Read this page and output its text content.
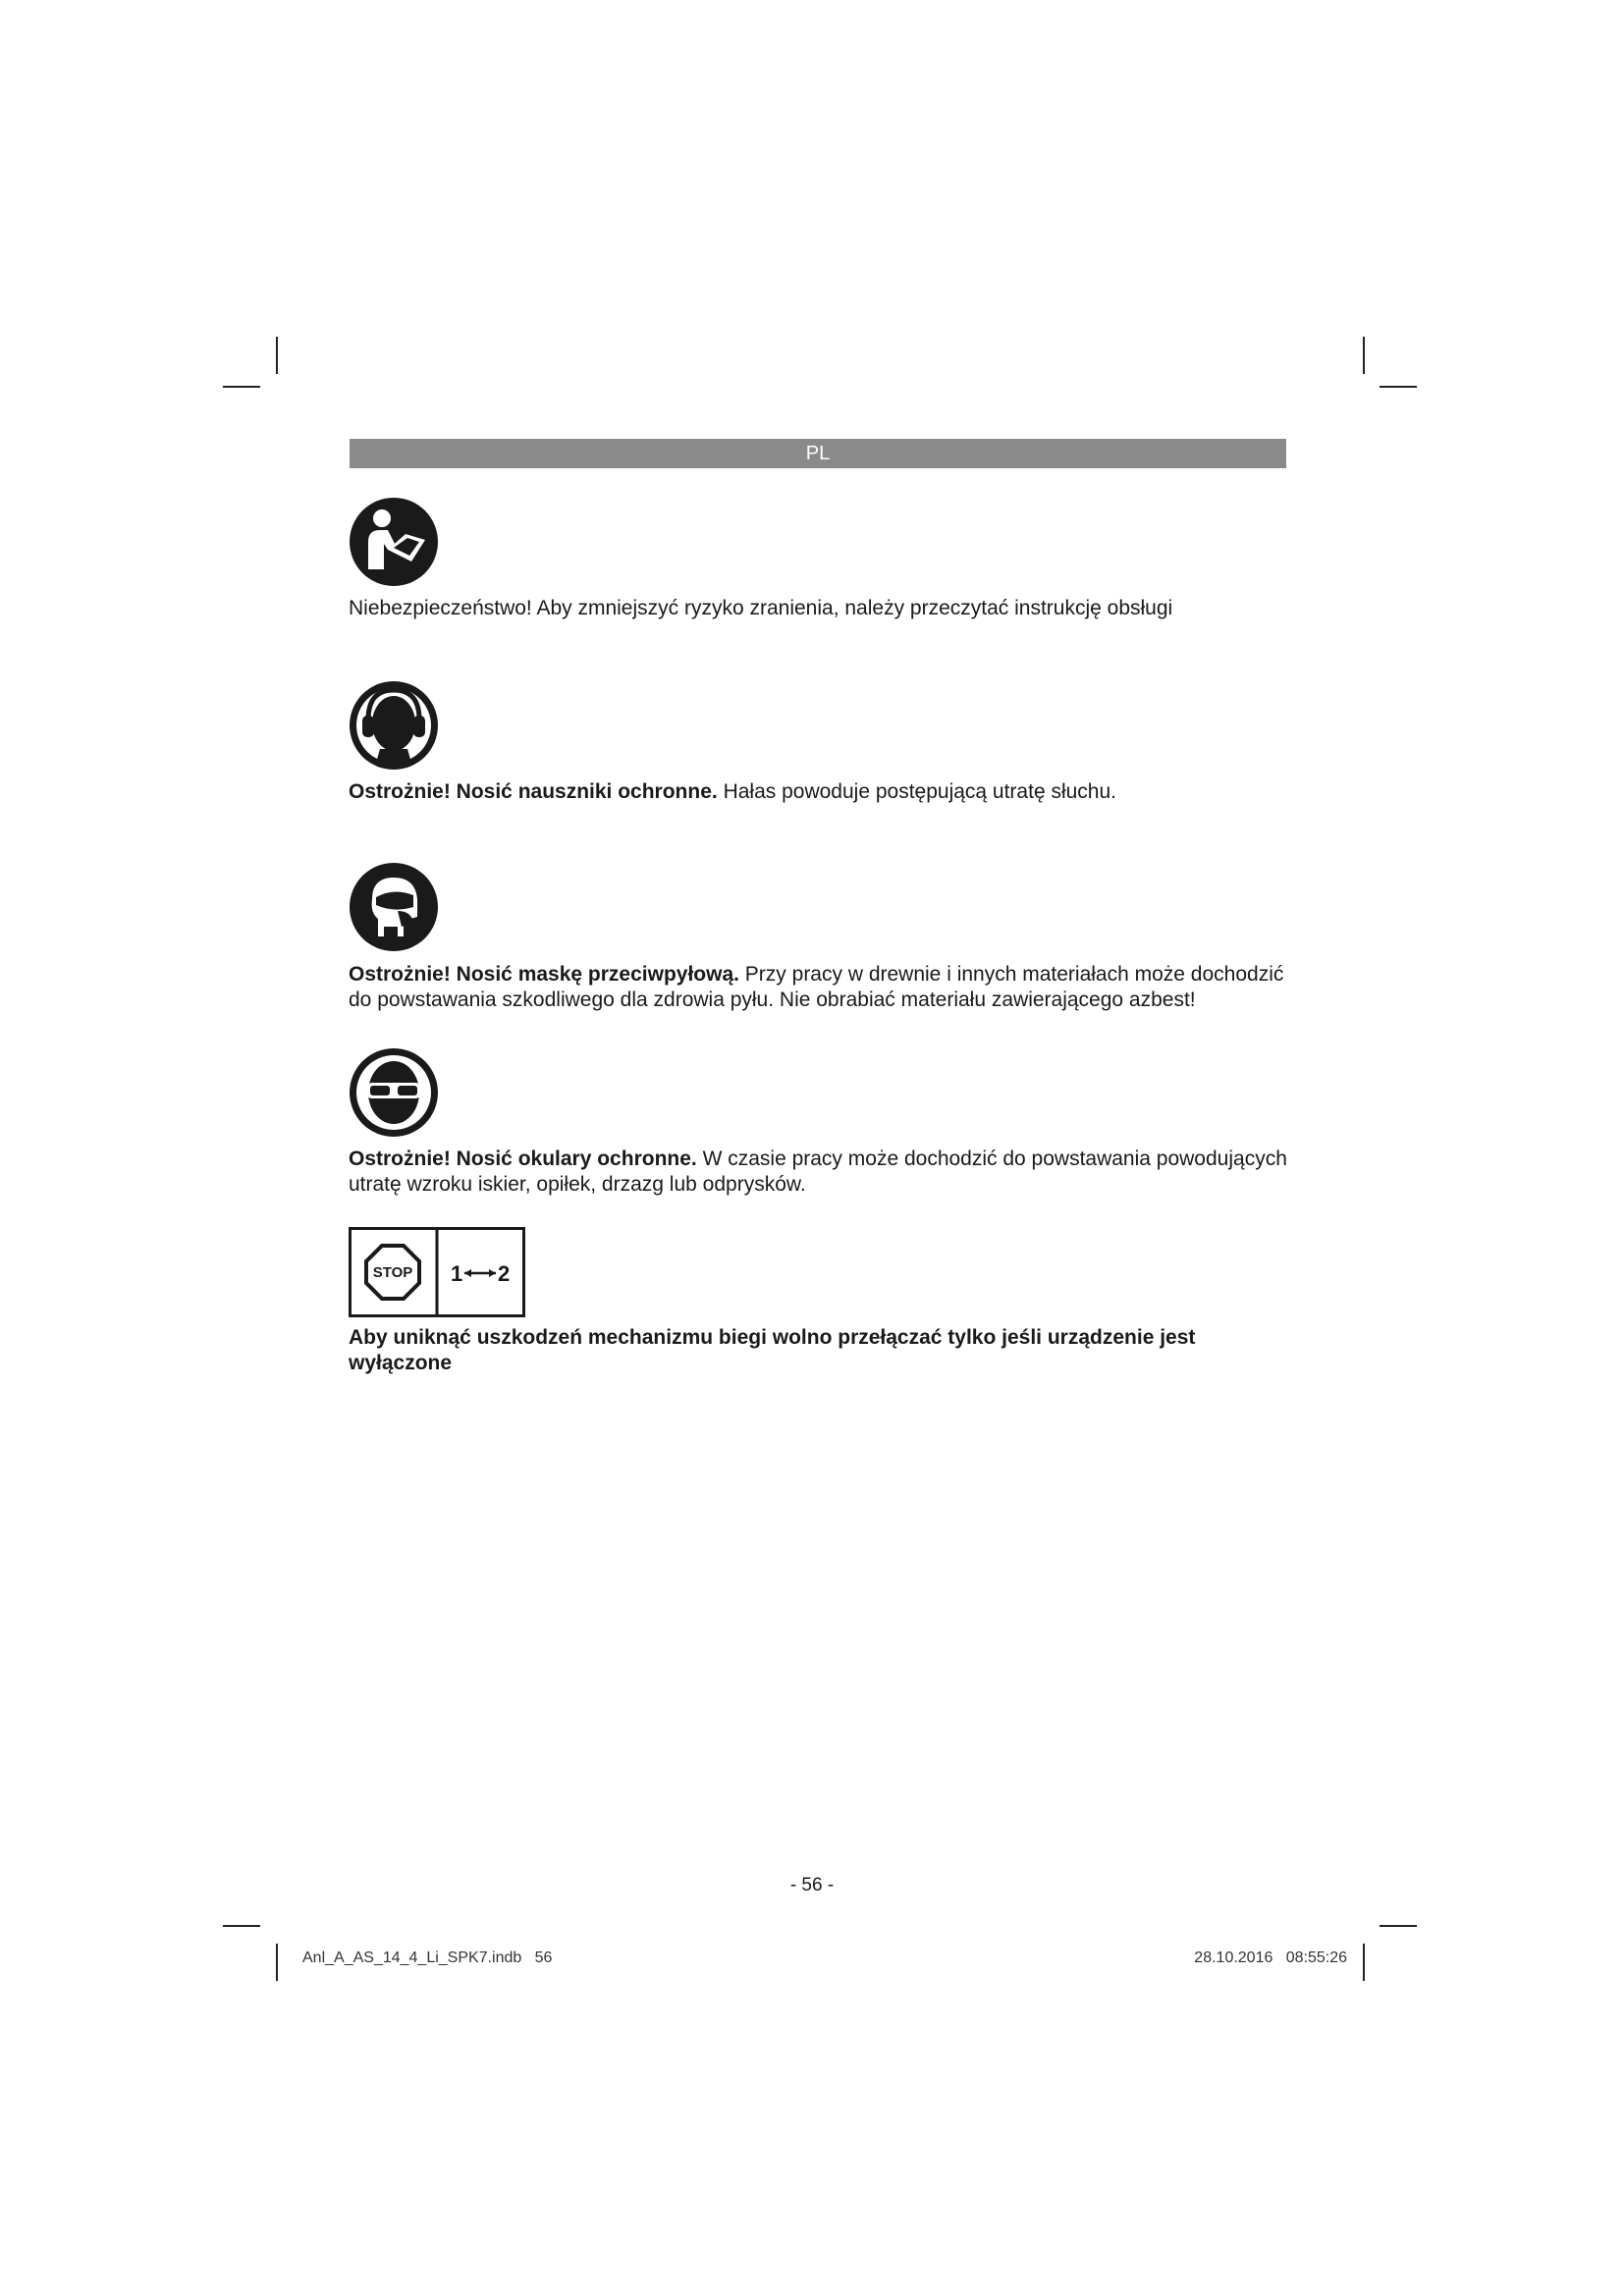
PL
Niebezpieczeństwo! Aby zmniejszyć ryzyko zranienia, należy przeczytać instrukcję obsługi
Ostrożnie! Nosić nauszniki ochronne. Hałas powoduje postępującą utratę słuchu.
Ostrożnie! Nosić maskę przeciwpyłową. Przy pracy w drewnie i innych materiałach może dochodzić do powstawania szkodliwego dla zdrowia pyłu. Nie obrabiać materiału zawierającego azbest!
Ostrożnie! Nosić okulary ochronne. W czasie pracy może dochodzić do powstawania powodujących utratę wzroku iskier, opiłek, drzazg lub odprysków.
STOP 1 2
Aby uniknąć uszkodzeń mechanizmu biegi wolno przełączać tylko jeśli urządzenie jest wyłączone
- 56 -
Anl_A_AS_14_4_Li_SPK7.indb   56	28.10.2016   08:55:26
